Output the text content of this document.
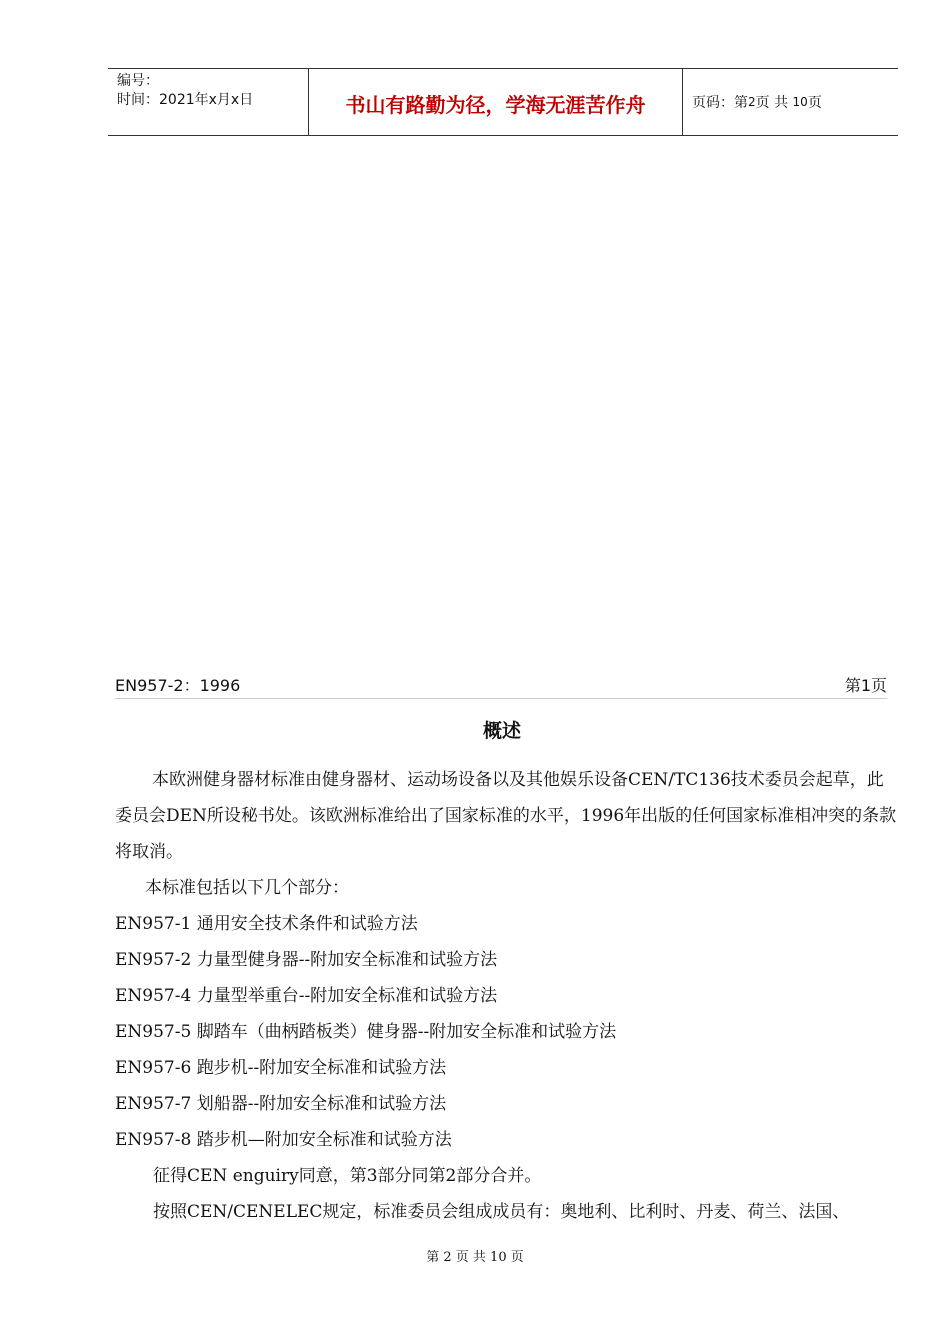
编号：
时间：2021年x月x日	书山有路勤为径，学海无涯苦作舟	页码：第 2 页 共
10 页
EN957-2：1996	第1页
概述

本欧洲健身器材标准由健身器材、运动场设备以及其他娱乐设备CEN/TC136技术委员会起草，此委员会DEN所设秘书处。该欧洲标准给出了国家标准的水平，1996年出版的任何国家标准相冲突的条款将取消。

本标准包括以下几个部分：

EN957-1 通用安全技术条件和试验方法

EN957-2 力量型健身器--附加安全标准和试验方法

EN957-4 力量型举重台--附加安全标准和试验方法

EN957-5 脚踏车（曲柄踏板类）健身器--附加安全标准和试验方法

EN957-6 跑步机--附加安全标准和试验方法

EN957-7 划船器--附加安全标准和试验方法

EN957-8 踏步机—附加安全标准和试验方法

征得CEN enguiry同意，第3部分同第2部分合并。

按照CEN/CENELEC规定，标准委员会组成成员有：奥地利、比利时、丹麦、荷兰、法国、

第 2 页 共 10 页
